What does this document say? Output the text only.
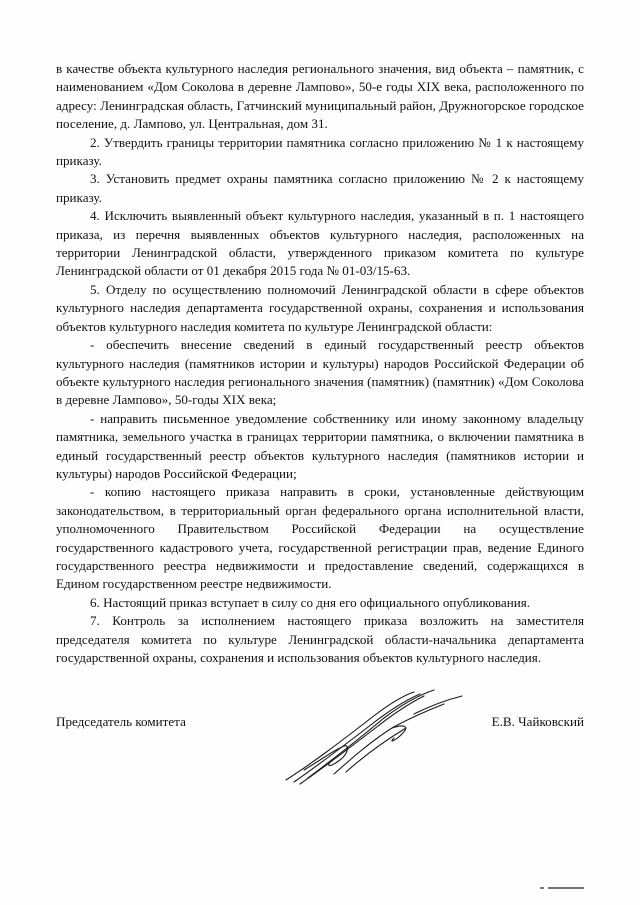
в качестве объекта культурного наследия регионального значения, вид объекта – памятник, с наименованием «Дом Соколова в деревне Лампово», 50-е годы XIX века, расположенного по адресу: Ленинградская область, Гатчинский муниципальный район, Дружногорское городское поселение, д. Лампово, ул. Центральная, дом 31.

2. Утвердить границы территории памятника согласно приложению № 1 к настоящему приказу.

3. Установить предмет охраны памятника согласно приложению № 2 к настоящему приказу.

4. Исключить выявленный объект культурного наследия, указанный в п. 1 настоящего приказа, из перечня выявленных объектов культурного наследия, расположенных на территории Ленинградской области, утвержденного приказом комитета по культуре Ленинградской области от 01 декабря 2015 года № 01-03/15-63.

5. Отделу по осуществлению полномочий Ленинградской области в сфере объектов культурного наследия департамента государственной охраны, сохранения и использования объектов культурного наследия комитета по культуре Ленинградской области:

- обеспечить внесение сведений в единый государственный реестр объектов культурного наследия (памятников истории и культуры) народов Российской Федерации об объекте культурного наследия регионального значения (памятник) (памятник) «Дом Соколова в деревне Лампово», 50-годы XIX века;

- направить письменное уведомление собственнику или иному законному владельцу памятника, земельного участка в границах территории памятника, о включении памятника в единый государственный реестр объектов культурного наследия (памятников истории и культуры) народов Российской Федерации;

- копию настоящего приказа направить в сроки, установленные действующим законодательством, в территориальный орган федерального органа исполнительной власти, уполномоченного Правительством Российской Федерации на осуществление государственного кадастрового учета, государственной регистрации прав, ведение Единого государственного реестра недвижимости и предоставление сведений, содержащихся в Едином государственном реестре недвижимости.

6. Настоящий приказ вступает в силу со дня его официального опубликования.

7. Контроль за исполнением настоящего приказа возложить на заместителя председателя комитета по культуре Ленинградской области-начальника департамента государственной охраны, сохранения и использования объектов культурного наследия.

Председатель комитета	Е.В. Чайковский
